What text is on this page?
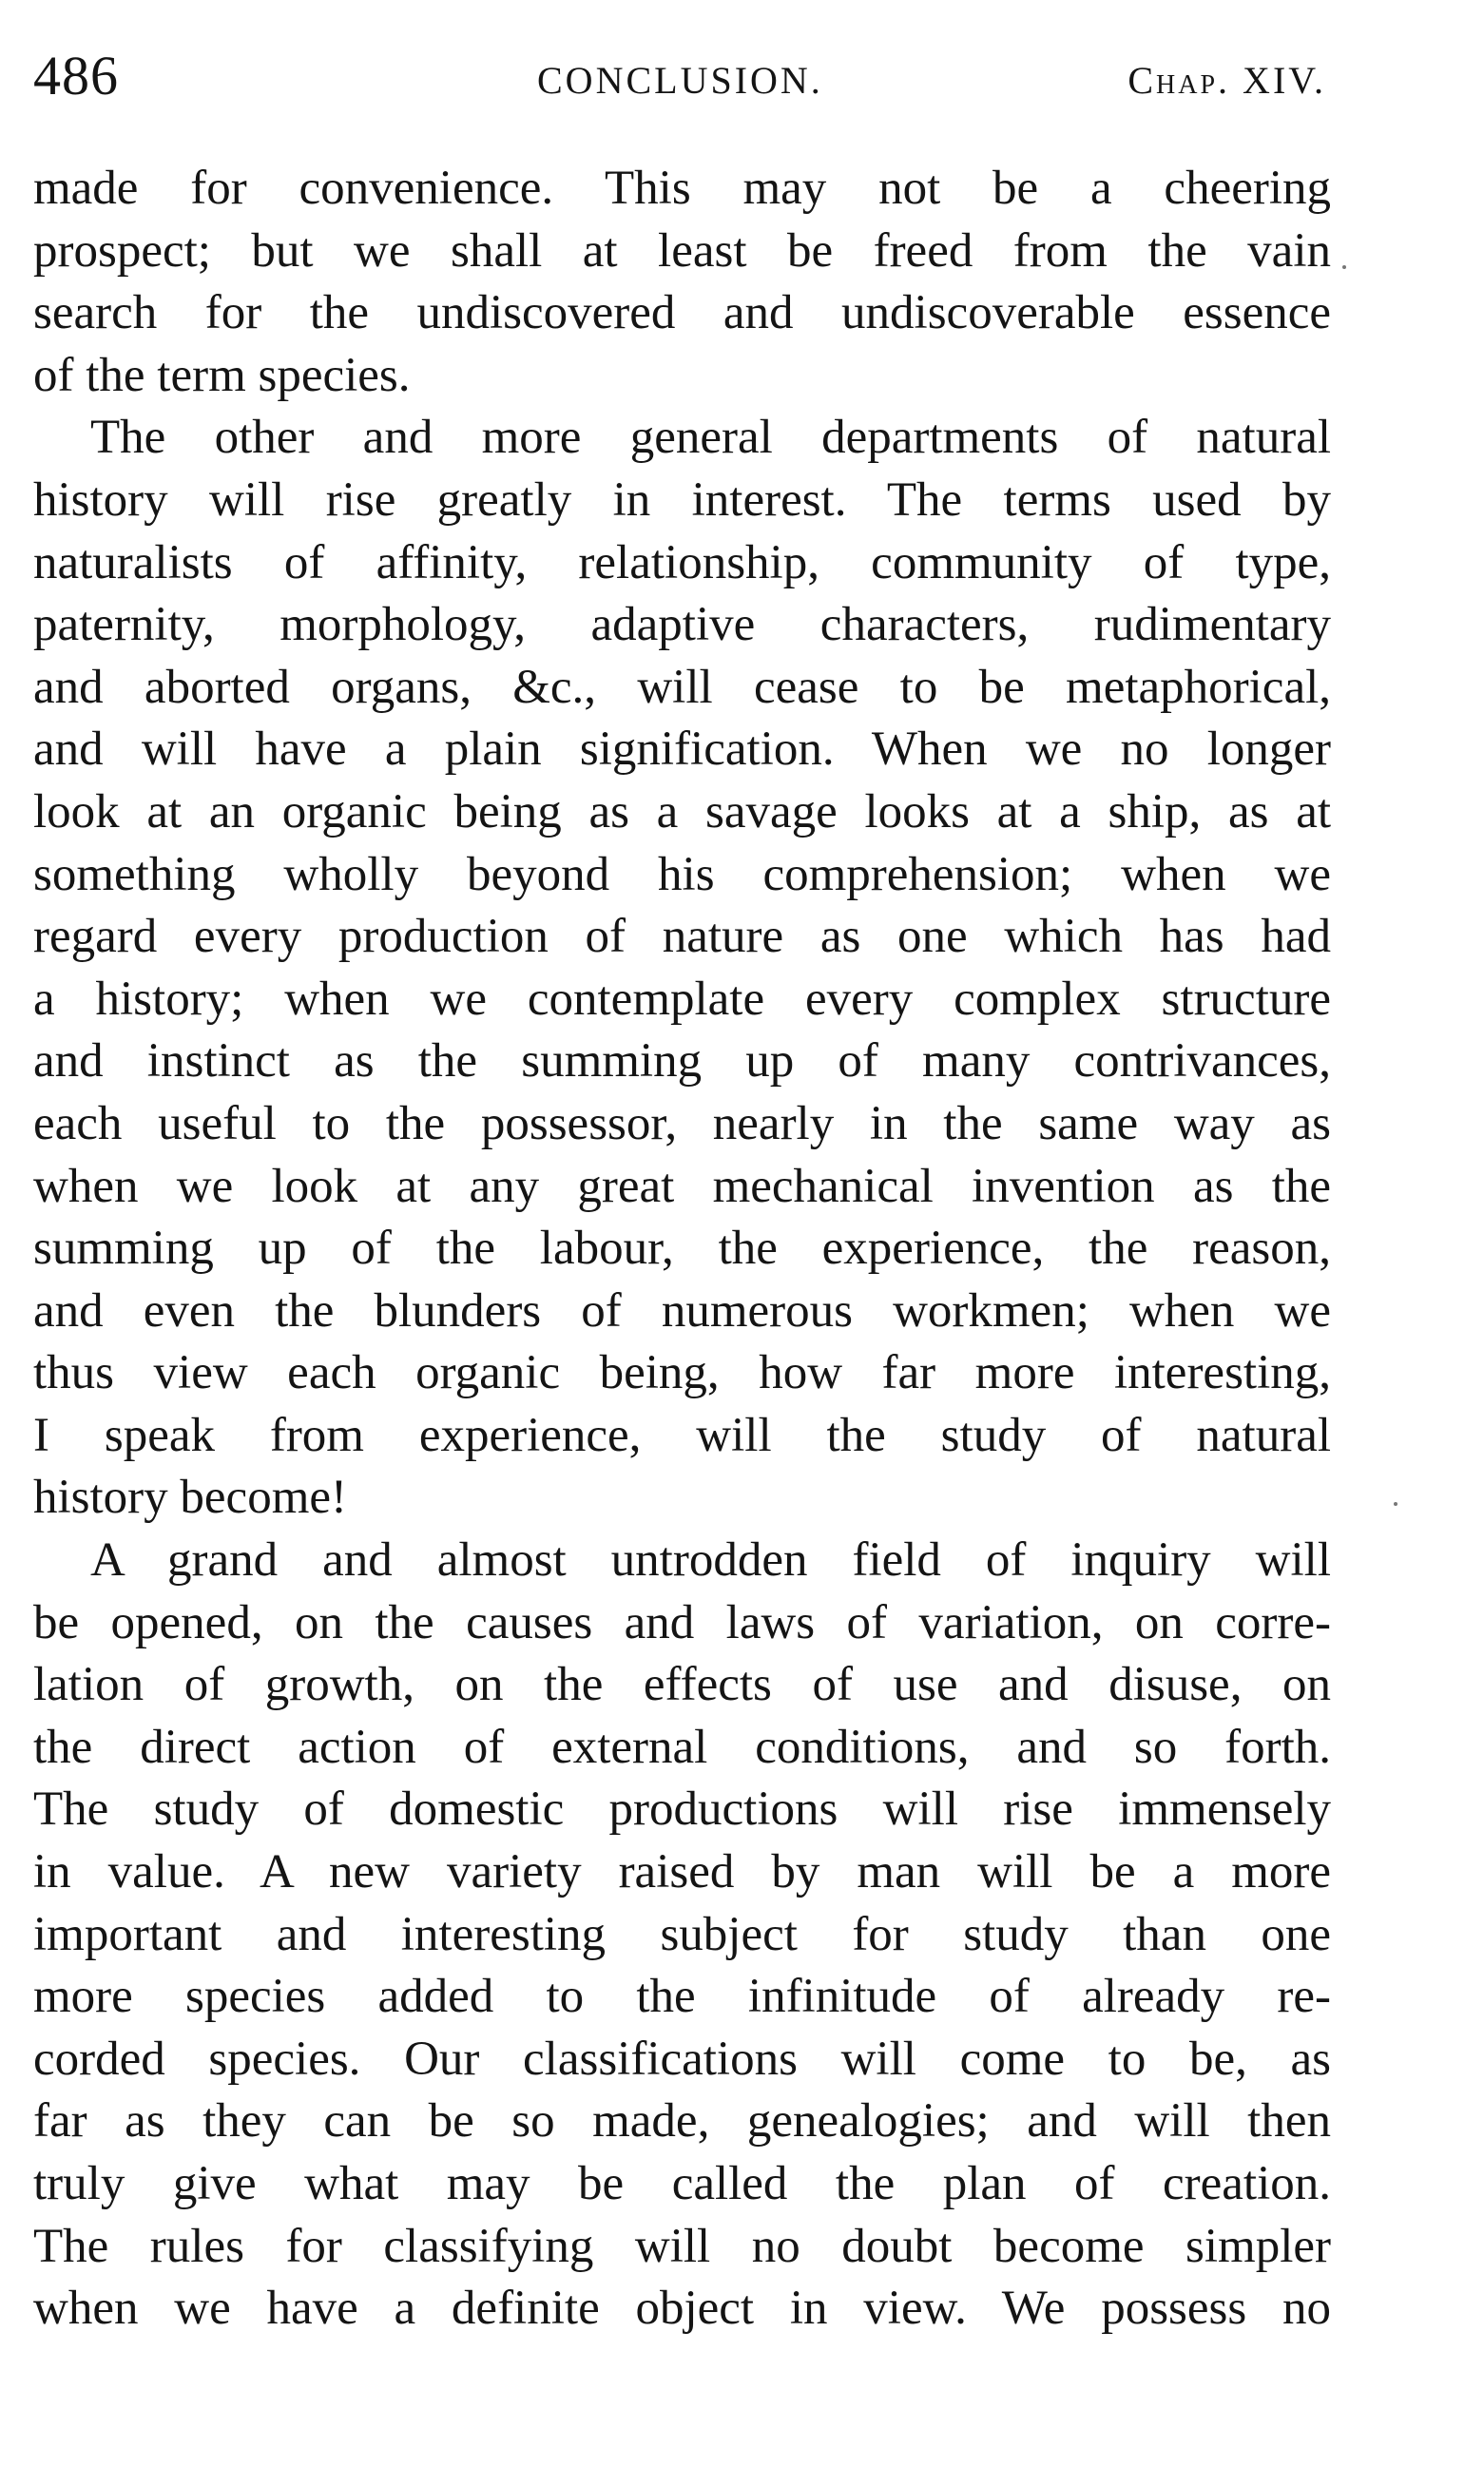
486	CONCLUSION.	Chap. XIV.
made for convenience. This may not be a cheering
prospect; but we shall at least be freed from the vain
search for the undiscovered and undiscoverable essence
of the term species.
The other and more general departments of natural
history will rise greatly in interest. The terms used by
naturalists of affinity, relationship, community of type,
paternity, morphology, adaptive characters, rudimentary
and aborted organs, &c., will cease to be metaphorical,
and will have a plain signification. When we no longer
look at an organic being as a savage looks at a ship, as at
something wholly beyond his comprehension; when we
regard every production of nature as one which has had
a history; when we contemplate every complex structure
and instinct as the summing up of many contrivances,
each useful to the possessor, nearly in the same way as
when we look at any great mechanical invention as the
summing up of the labour, the experience, the reason,
and even the blunders of numerous workmen; when we
thus view each organic being, how far more interesting,
I speak from experience, will the study of natural
history become!
A grand and almost untrodden field of inquiry will
be opened, on the causes and laws of variation, on corre-
lation of growth, on the effects of use and disuse, on
the direct action of external conditions, and so forth.
The study of domestic productions will rise immensely
in value. A new variety raised by man will be a more
important and interesting subject for study than one
more species added to the infinitude of already re-
corded species. Our classifications will come to be, as
far as they can be so made, genealogies; and will then
truly give what may be called the plan of creation.
The rules for classifying will no doubt become simpler
when we have a definite object in view. We possess no
